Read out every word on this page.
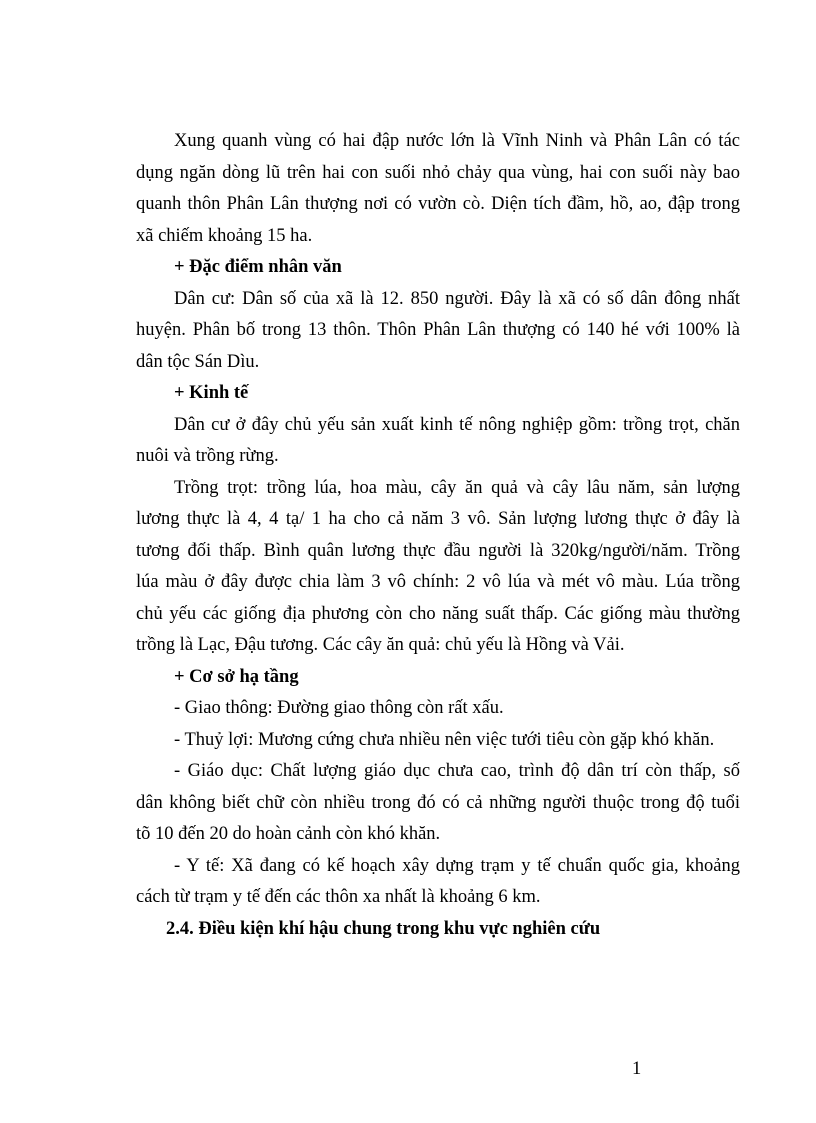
Xung quanh vùng có hai đập nước lớn là Vĩnh Ninh và Phân Lân có tác
dụng ngăn dòng lũ trên hai con suối nhỏ chảy qua vùng, hai con suối này bao
quanh thôn Phân Lân thượng nơi có vườn cò. Diện tích đầm, hồ, ao, đập trong
xã chiếm khoảng 15 ha.
+ Đặc điểm nhân văn
Dân cư: Dân số của xã là 12. 850 người. Đây là xã có số dân đông nhất
huyện. Phân bố trong 13 thôn. Thôn Phân Lân thượng có 140 hé với 100% là
dân tộc Sán Dìu.
+ Kinh tế
Dân cư ở đây chủ yếu sản xuất kinh tế nông nghiệp gồm: trồng trọt, chăn
nuôi và trồng rừng.
Trồng trọt: trồng lúa, hoa màu, cây ăn quả và cây lâu năm, sản lượng
lương thực là 4, 4 tạ/ 1 ha cho cả năm 3 vô. Sản lượng lương thực ở đây là
tương đối thấp. Bình quân lương thực đầu người là 320kg/người/năm. Trồng
lúa màu ở đây được chia làm 3 vô chính: 2 vô lúa và mét vô màu. Lúa trồng
chủ yếu các giống địa phương còn cho năng suất thấp. Các giống màu thường
trồng là Lạc, Đậu tương. Các cây ăn quả: chủ yếu là Hồng và Vải.
+ Cơ sở hạ tầng
- Giao thông: Đường giao thông còn rất xấu.
- Thuỷ lợi: Mương cứng chưa nhiều nên việc tưới tiêu còn gặp khó khăn.
- Giáo dục: Chất lượng giáo dục chưa cao, trình độ dân trí còn thấp, số
dân không biết chữ còn nhiều trong đó có cả những người thuộc trong độ tuổi
tõ 10 đến 20 do hoàn cảnh còn khó khăn.
- Y tế: Xã đang có kế hoạch xây dựng trạm y tế chuẩn quốc gia, khoảng
cách từ trạm y tế đến các thôn xa nhất là khoảng 6 km.
2.4. Điều kiện khí hậu chung trong khu vực nghiên cứu
1
